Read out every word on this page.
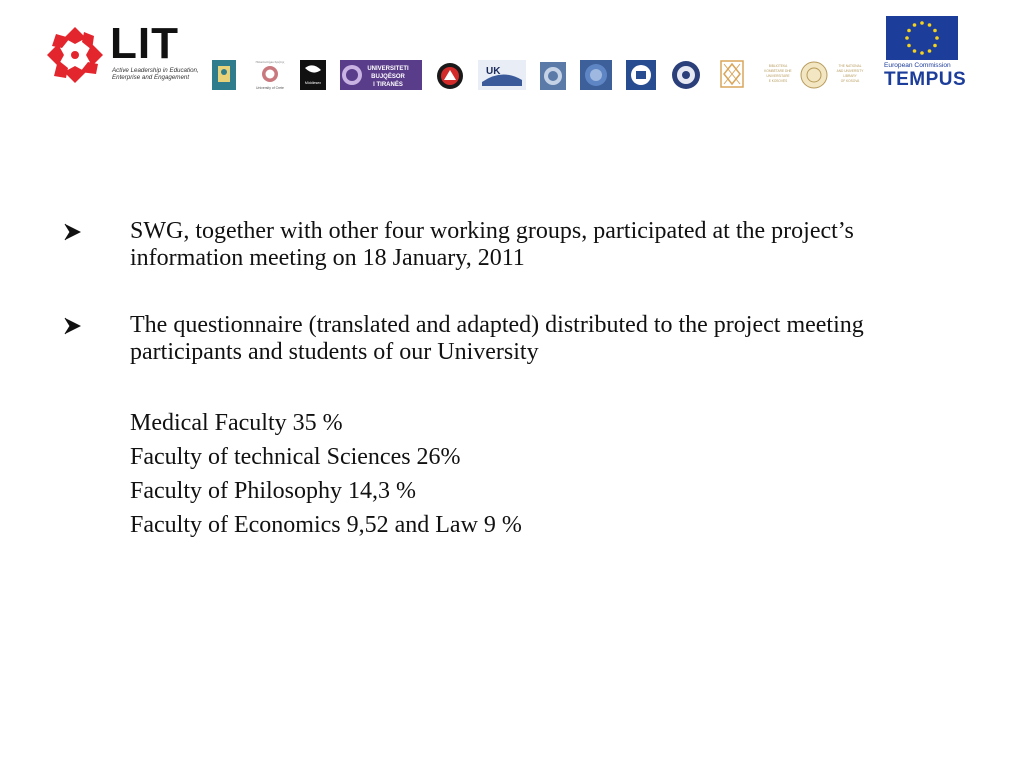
LIT
Active Leadership in Education, Enterprise and Engagement
Πανεπιστήμιο Κρήτης
University of Crete
Middlesex
UNIVERSITETI
BUJQËSOR
I TIRANËS
UK	BIBLIOTEKA
KOMBËTARE DHE
UNIVERSITARE
E KOSOVËS
THE NATIONAL
AND UNIVERSITY
LIBRARY
OF KOSOVA
European Commission
TEMPUS
SWG, together with other four working groups, participated at the project’s information meeting on 18 January, 2011
The questionnaire (translated and adapted) distributed to the project meeting participants and students of our University
Medical Faculty 35 %
Faculty of technical Sciences 26%
Faculty of Philosophy 14,3 %
Faculty of Economics 9,52 and Law 9 %
